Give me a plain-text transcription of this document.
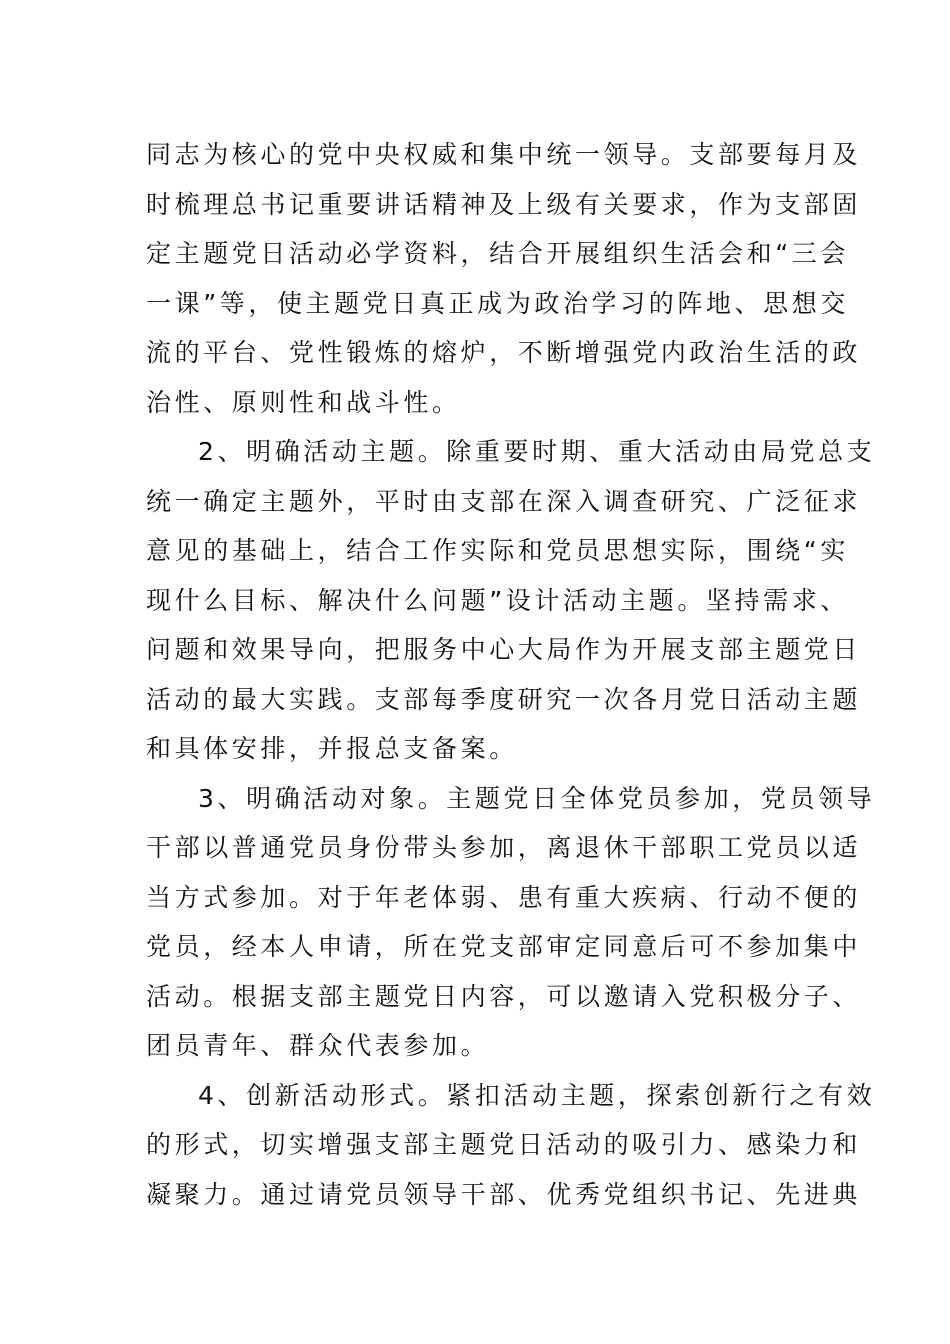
同志为核心的党中央权威和集中统一领导。支部要每月及
时梳理总书记重要讲话精神及上级有关要求，作为支部固
定主题党日活动必学资料，结合开展组织生活会和“三会
一课”等，使主题党日真正成为政治学习的阵地、思想交
流的平台、党性锻炼的熔炉，不断增强党内政治生活的政
治性、原则性和战斗性。

2、明确活动主题。除重要时期、重大活动由局党总支
统一确定主题外，平时由支部在深入调查研究、广泛征求
意见的基础上，结合工作实际和党员思想实际，围绕“实
现什么目标、解决什么问题”设计活动主题。坚持需求、
问题和效果导向，把服务中心大局作为开展支部主题党日
活动的最大实践。支部每季度研究一次各月党日活动主题
和具体安排，并报总支备案。

3、明确活动对象。主题党日全体党员参加，党员领导
干部以普通党员身份带头参加，离退休干部职工党员以适
当方式参加。对于年老体弱、患有重大疾病、行动不便的
党员，经本人申请，所在党支部审定同意后可不参加集中
活动。根据支部主题党日内容，可以邀请入党积极分子、
团员青年、群众代表参加。

4、创新活动形式。紧扣活动主题，探索创新行之有效
的形式，切实增强支部主题党日活动的吸引力、感染力和
凝聚力。通过请党员领导干部、优秀党组织书记、先进典
